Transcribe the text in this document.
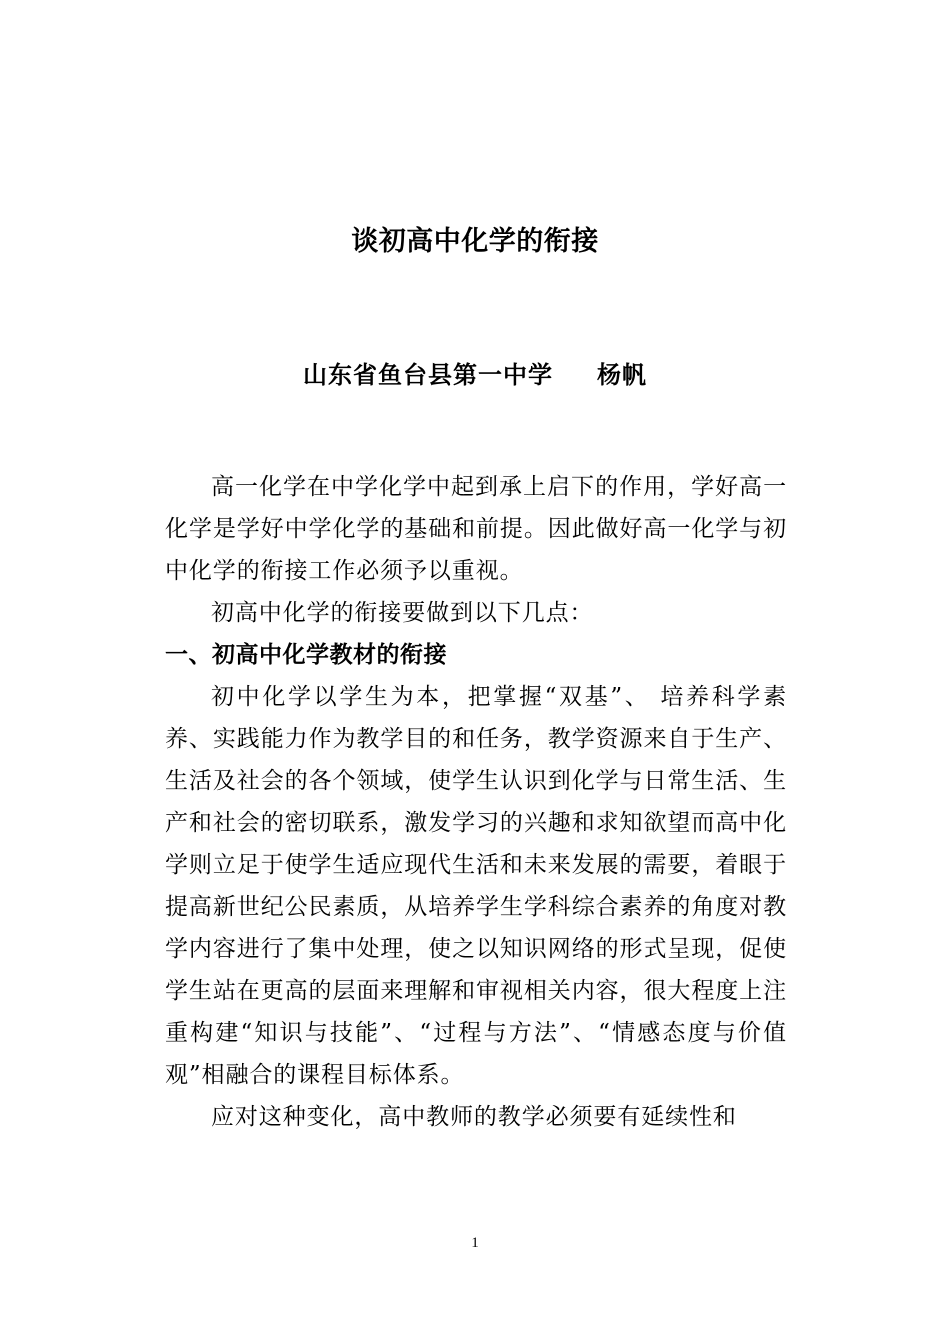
谈初高中化学的衔接
山东省鱼台县第一中学 杨帆

高一化学在中学化学中起到承上启下的作用，学好高一化学是学好中学化学的基础和前提。因此做好高一化学与初中化学的衔接工作必须予以重视。

初高中化学的衔接要做到以下几点：

一、初高中化学教材的衔接

初中化学以学生为本，把掌握“双基”、 培养科学素养、实践能力作为教学目的和任务，教学资源来自于生产、生活及社会的各个领域，使学生认识到化学与日常生活、生产和社会的密切联系，激发学习的兴趣和求知欲望而高中化学则立足于使学生适应现代生活和未来发展的需要，着眼于提高新世纪公民素质，从培养学生学科综合素养的角度对教学内容进行了集中处理，使之以知识网络的形式呈现，促使学生站在更高的层面来理解和审视相关内容，很大程度上注重构建“知识与技能”、“过程与方法”、“情感态度与价值观”相融合的课程目标体系。

应对这种变化，高中教师的教学必须要有延续性和

1
